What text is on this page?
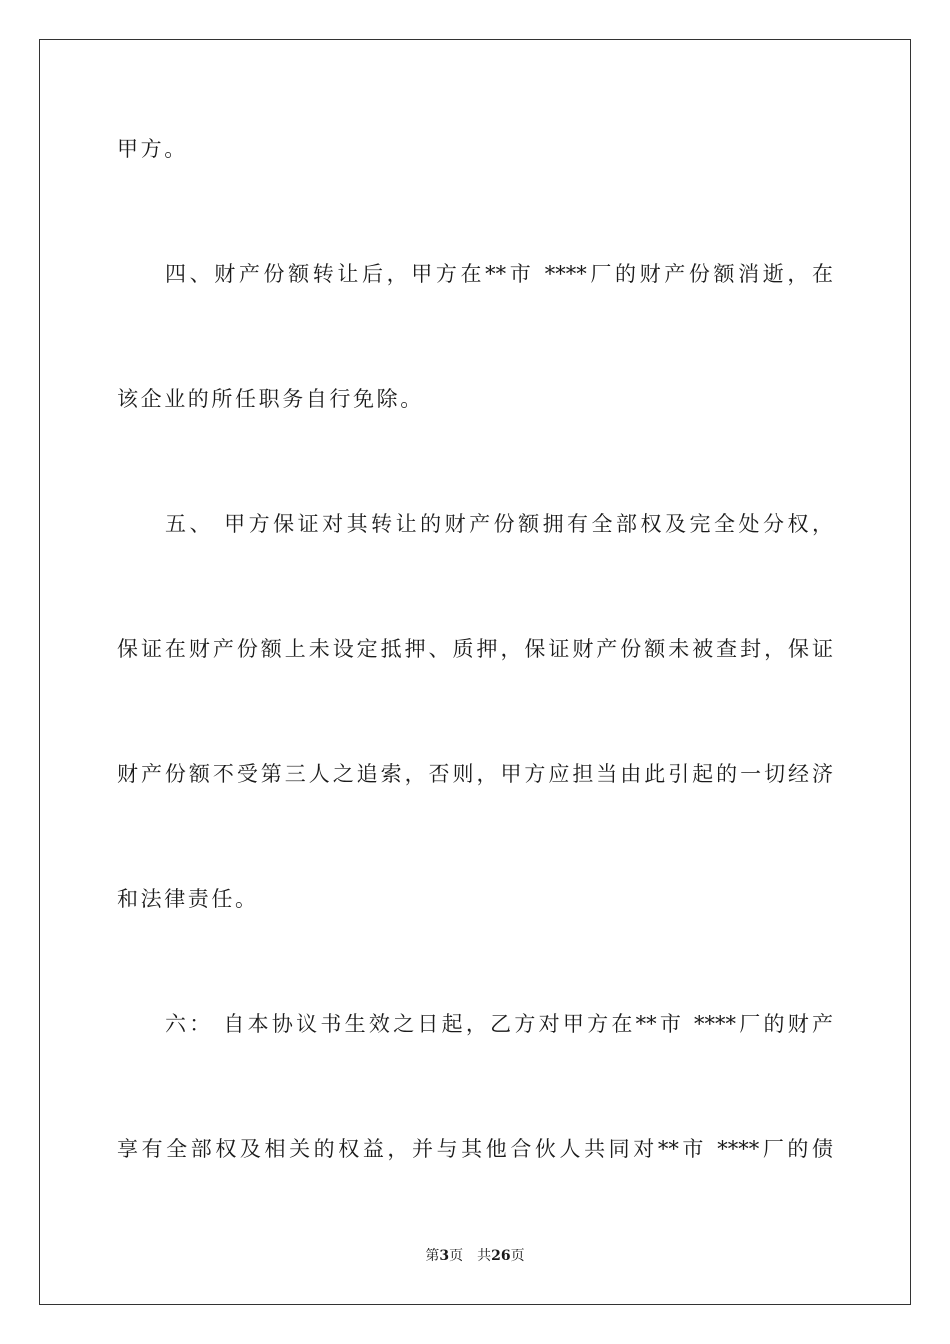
甲方。
四、财产份额转让后，甲方在**市 ****厂的财产份额消逝，在
该企业的所任职务自行免除。
五、 甲方保证对其转让的财产份额拥有全部权及完全处分权，
保证在财产份额上未设定抵押、质押，保证财产份额未被查封，保证
财产份额不受第三人之追索，否则，甲方应担当由此引起的一切经济
和法律责任。
六： 自本协议书生效之日起，乙方对甲方在**市 ****厂的财产
享有全部权及相关的权益，并与其他合伙人共同对**市 ****厂的债
第3页 共26页
